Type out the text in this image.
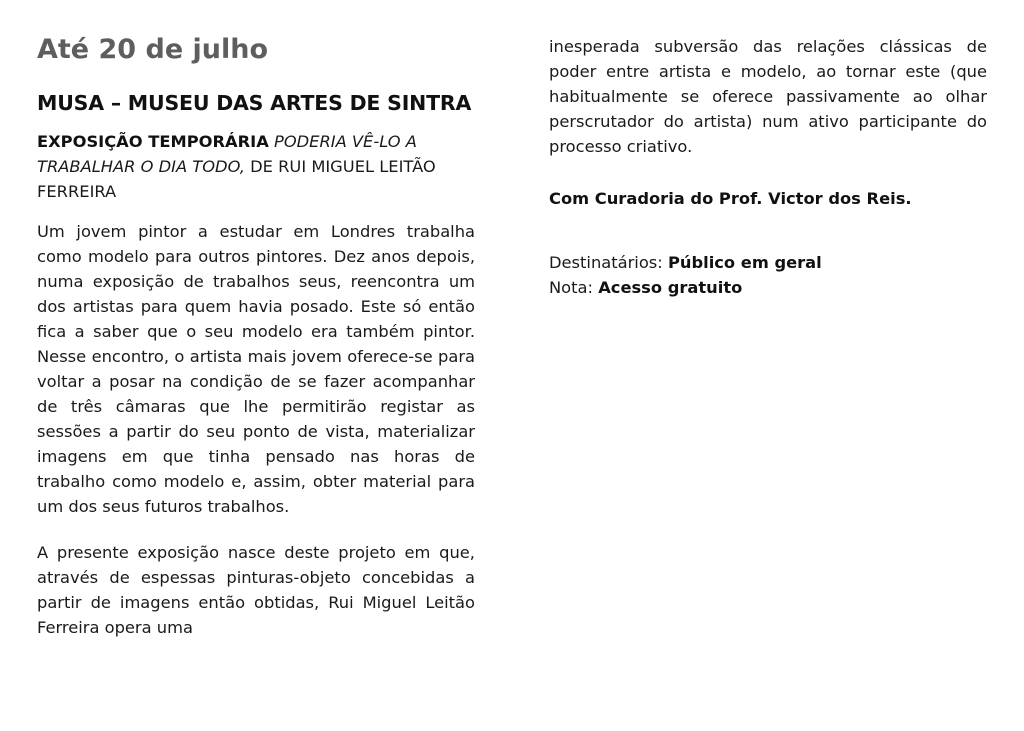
Até 20 de julho
MUSA – MUSEU DAS ARTES DE SINTRA

EXPOSIÇÃO TEMPORÁRIA PODERIA VÊ-LO A TRABALHAR O DIA TODO, DE RUI MIGUEL LEITÃO FERREIRA

Um jovem pintor a estudar em Londres trabalha como modelo para outros pintores. Dez anos depois, numa exposição de trabalhos seus, reencontra um dos artistas para quem havia posado. Este só então fica a saber que o seu modelo era também pintor. Nesse encontro, o artista mais jovem oferece-se para voltar a posar na condição de se fazer acompanhar de três câmaras que lhe permitirão registar as sessões a partir do seu ponto de vista, materializar imagens em que tinha pensado nas horas de trabalho como modelo e, assim, obter material para um dos seus futuros trabalhos.

A presente exposição nasce deste projeto em que, através de espessas pinturas-objeto concebidas a partir de imagens então obtidas, Rui Miguel Leitão Ferreira opera uma

inesperada subversão das relações clássicas de poder entre artista e modelo, ao tornar este (que habitualmente se oferece passivamente ao olhar perscrutador do artista) num ativo participante do processo criativo.

Com Curadoria do Prof. Victor dos Reis.

Destinatários: Público em geral

Nota: Acesso gratuito
